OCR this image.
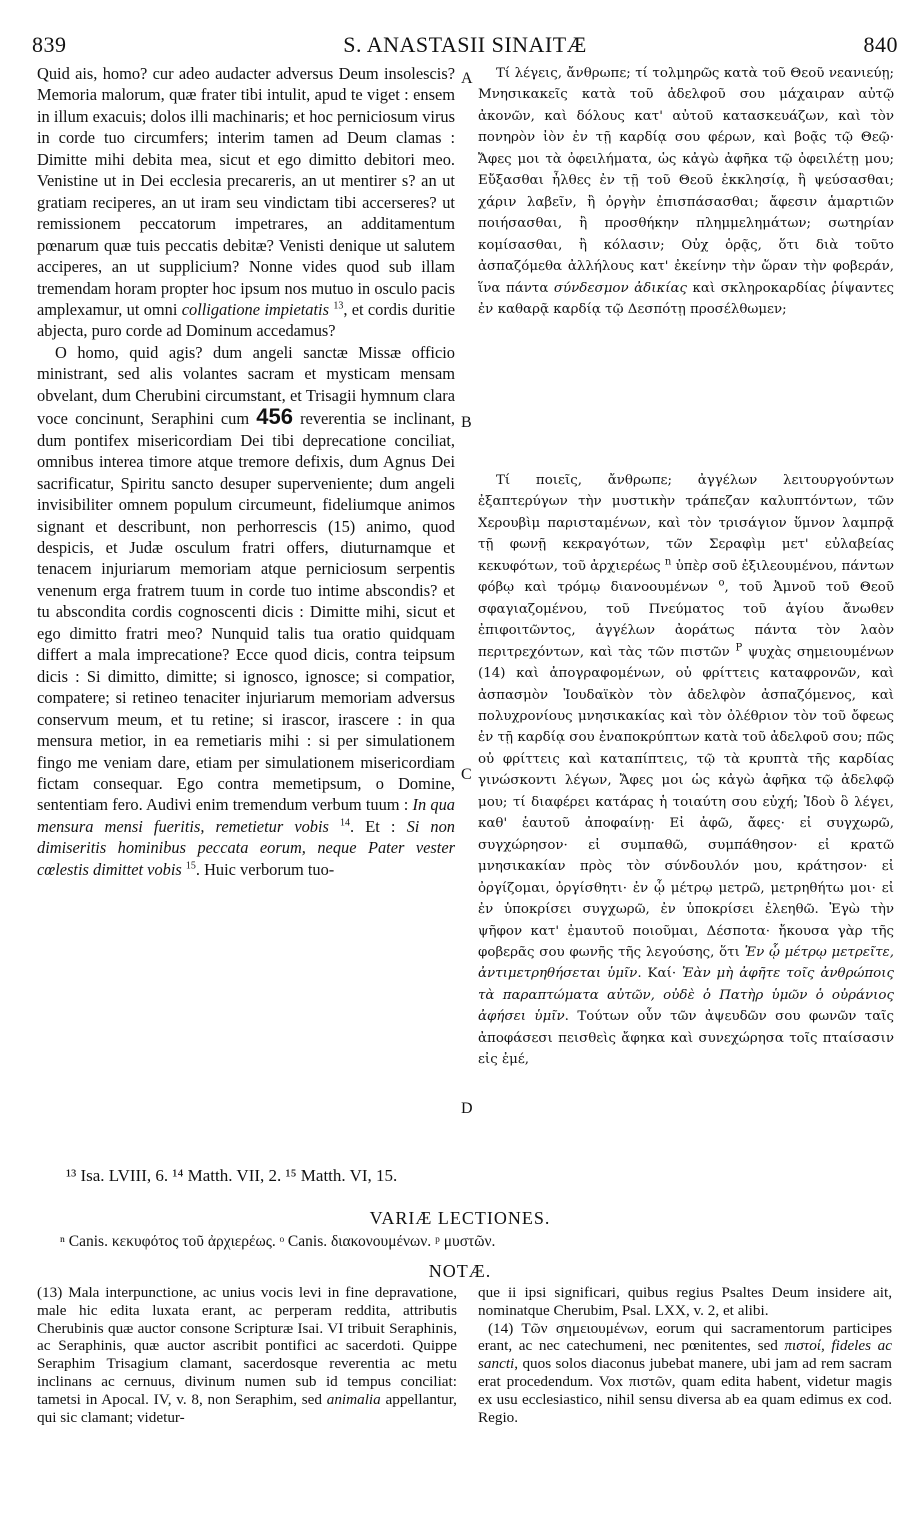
839	S. ANASTASII SINAITÆ	840

Quid ais, homo? cur adeo audacter adversus Deum insolescis? Memoria malorum, quæ frater tibi intulit, apud te viget : ensem in illum exacuis; dolos illi machinaris; et hoc perniciosum virus in corde tuo circumfers; interim tamen ad Deum clamas : Dimitte mihi debita mea, sicut et ego dimitto debitori meo. Venistine ut in Dei ecclesia precareris, an ut mentirer s? an ut gratiam reciperes, an ut iram seu vindictam tibi accerseres? ut remissionem peccatorum impetrares, an additamentum pœnarum quæ tuis peccatis debitæ? Venisti denique ut salutem acciperes, an ut supplicium? Nonne vides quod sub illam tremendam horam propter hoc ipsum nos mutuo in osculo pacis amplexamur, ut omni colligatione impietatis $^{13}$, et cordis duritie abjecta, puro corde ad Dominum accedamus?

O homo, quid agis? dum angeli sanctæ Missæ officio ministrant, sed alis volantes sacram et mysticam mensam obvelant, dum Cherubini circumstant, et Trisagii hymnum clara voce concinunt, Seraphini cum 456 reverentia se inclinant, dum pontifex misericordiam Dei tibi deprecatione conciliat, omnibus interea timore atque tremore defixis, dum Agnus Dei sacrificatur, Spiritu sancto desuper superveniente; dum angeli invisibiliter omnem populum circumeunt, fideliumque animos signant et describunt, non perhorrescis (15) animo, quod despicis, et Judæ osculum fratri offers, diuturnamque et tenacem injuriarum memoriam atque perniciosum serpentis venenum erga fratrem tuum in corde tuo intime abscondis? et tu abscondita cordis cognoscenti dicis : Dimitte mihi, sicut et ego dimitto fratri meo? Nunquid talis tua oratio quidquam differt a mala imprecatione? Ecce quod dicis, contra teipsum dicis : Si dimitto, dimitte; si ignosco, ignosce; si compatior, compatere; si retineo tenaciter injuriarum memoriam adversus conservum meum, et tu retine; si irascor, irascere : in qua mensura metior, in ea remetiaris mihi : si per simulationem fingo me veniam dare, etiam per simulationem misericordiam fictam consequar. Ego contra memetipsum, o Domine, sententiam fero. Audivi enim tremendum verbum tuum : In qua mensura mensi fueritis, remetietur vobis $^{14}$. Et : Si non dimiseritis hominibus peccata eorum, neque Pater vester cœlestis dimittet vobis $^{15}$. Huic verborum tuo-

A
B
C
D

Τί λέγεις, ἄνθρωπε; τί τολμηρῶς κατὰ τοῦ Θεοῦ νεανιεύῃ; Μνησικακεῖς κατὰ τοῦ ἀδελφοῦ σου μάχαιραν αὐτῷ ἀκονῶν, καὶ δόλους κατ' αὐτοῦ κατασκευάζων, καὶ τὸν πονηρὸν ἰὸν ἐν τῇ καρδίᾳ σου φέρων, καὶ βοᾷς τῷ Θεῷ· Ἄφες μοι τὰ ὀφειλήματα, ὡς κἀγὼ ἀφῆκα τῷ ὀφειλέτῃ μου; Εὔξασθαι ἦλθες ἐν τῇ τοῦ Θεοῦ ἐκκλησίᾳ, ἢ ψεύσασθαι; χάριν λαβεῖν, ἢ ὀργὴν ἐπισπάσασθαι; ἄφεσιν ἁμαρτιῶν ποιήσασθαι, ἢ προσθήκην πλημμελημάτων; σωτηρίαν κομίσασθαι, ἢ κόλασιν; Οὐχ ὁρᾷς, ὅτι διὰ τοῦτο ἀσπαζόμεθα ἀλλήλους κατ' ἐκείνην τὴν ὥραν τὴν φοβεράν, ἵνα πάντα σύνδεσμον ἀδικίας καὶ σκληροκαρδίας ῥίψαντες ἐν καθαρᾷ καρδίᾳ τῷ Δεσπότῃ προσέλθωμεν;

Τί ποιεῖς, ἄνθρωπε; ἀγγέλων λειτουργούντων ἐξαπτερύγων τὴν μυστικὴν τράπεζαν καλυπτόντων, τῶν Χερουβὶμ παρισταμένων, καὶ τὸν τρισάγιον ὕμνον λαμπρᾷ τῇ φωνῇ κεκραγότων, τῶν Σεραφὶμ μετ' εὐλαβείας κεκυφότων, τοῦ ἀρχιερέως $^n$ ὑπὲρ σοῦ ἐξιλεουμένου, πάντων φόβῳ καὶ τρόμῳ διανοουμένων $^o$, τοῦ Ἀμνοῦ τοῦ Θεοῦ σφαγιαζομένου, τοῦ Πνεύματος τοῦ ἁγίου ἄνωθεν ἐπιφοιτῶντος, ἀγγέλων ἀοράτως πάντα τὸν λαὸν περιτρεχόντων, καὶ τὰς τῶν πιστῶν $^P$ ψυχὰς σημειουμένων (14) καὶ ἀπογραφομένων, οὐ φρίττεις καταφρονῶν, καὶ ἀσπασμὸν Ἰουδαϊκὸν τὸν ἀδελφὸν ἀσπαζόμενος, καὶ πολυχρονίους μνησικακίας καὶ τὸν ὀλέθριον τὸν τοῦ ὄφεως ἐν τῇ καρδίᾳ σου ἐναποκρύπτων κατὰ τοῦ ἀδελφοῦ σου; πῶς οὐ φρίττεις καὶ καταπίπτεις, τῷ τὰ κρυπτὰ τῆς καρδίας γινώσκοντι λέγων, Ἄφες μοι ὡς κἀγὼ ἀφῆκα τῷ ἀδελφῷ μου; τί διαφέρει κατάρας ἡ τοιαύτη σου εὐχή; Ἰδοὺ ὃ λέγει, καθ' ἑαυτοῦ ἀποφαίνῃ· Εἰ ἀφῶ, ἄφες· εἰ συγχωρῶ, συγχώρησον· εἰ συμπαθῶ, συμπάθησον· εἰ κρατῶ μνησικακίαν πρὸς τὸν σύνδουλόν μου, κράτησον· εἰ ὀργίζομαι, ὀργίσθητι· ἐν ᾧ μέτρῳ μετρῶ, μετρηθήτω μοι· εἰ ἐν ὑποκρίσει συγχωρῶ, ἐν ὑποκρίσει ἐλεηθῶ. Ἐγὼ τὴν ψῆφον κατ' ἐμαυτοῦ ποιοῦμαι, Δέσποτα· ἤκουσα γὰρ τῆς φοβερᾶς σου φωνῆς τῆς λεγούσης, ὅτι Ἐν ᾧ μέτρῳ μετρεῖτε, ἀντιμετρηθήσεται ὑμῖν. Καί· Ἐὰν μὴ ἀφῆτε τοῖς ἀνθρώποις τὰ παραπτώματα αὐτῶν, οὐδὲ ὁ Πατὴρ ὑμῶν ὁ οὐράνιος ἀφήσει ὑμῖν. Τούτων οὖν τῶν ἀψευδῶν σου φωνῶν ταῖς ἀποφάσεσι πεισθεὶς ἄφηκα καὶ συνεχώρησα τοῖς πταίσασιν εἰς ἐμέ,

¹³ Isa. LVIII, 6. ¹⁴ Matth. VII, 2. ¹⁵ Matth. VI, 15.
VARIÆ LECTIONES.
ⁿ Canis. κεκυφότος τοῦ ἀρχιερέως. ᵒ Canis. διακονουμένων. ᵖ μυστῶν.
NOTÆ.

(13) Mala interpunctione, ac unius vocis levi in fine depravatione, male hic edita luxata erant, ac perperam reddita, attributis Cherubinis quæ auctor consone Scripturæ Isai. VI tribuit Seraphinis, ac Seraphinis, quæ auctor ascribit pontifici ac sacerdoti. Quippe Seraphim Trisagium clamant, sacerdosque reverentia ac metu inclinans ac cernuus, divinum numen sub id tempus conciliat: tametsi in Apocal. IV, v. 8, non Seraphim, sed animalia appellantur, qui sic clamant; videtur-

que ii ipsi significari, quibus regius Psaltes Deum insidere ait, nominatque Cherubim, Psal. LXX, v. 2, et alibi.

(14) Τῶν σημειουμένων, eorum qui sacramentorum participes erant, ac nec catechumeni, nec pœnitentes, sed πιστοί, fideles ac sancti, quos solos diaconus jubebat manere, ubi jam ad rem sacram erat procedendum. Vox πιστῶν, quam edita habent, videtur magis ex usu ecclesiastico, nihil sensu diversa ab ea quam edimus ex cod. Regio.
